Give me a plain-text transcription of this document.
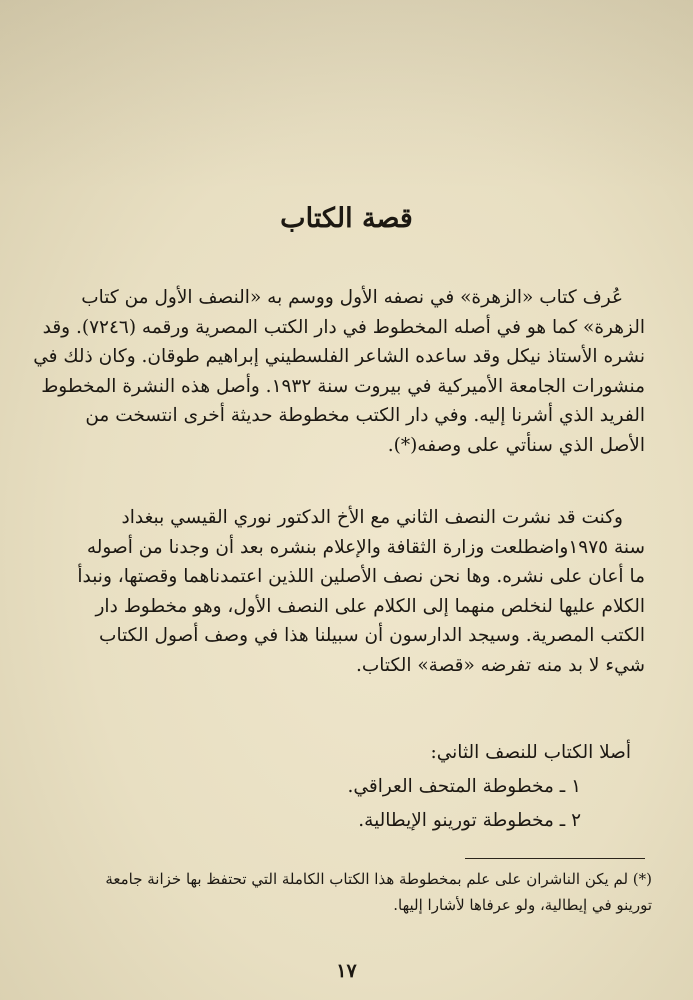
قصة الكتاب
عُرف كتاب «الزهرة» في نصفه الأول ووسم به «النصف الأول من كتاب
الزهرة» كما هو في أصله المخطوط في دار الكتب المصرية ورقمه (٧٢٤٦). وقد
نشره الأستاذ نيكل وقد ساعده الشاعر الفلسطيني إبراهيم طوقان. وكان ذلك في
منشورات الجامعة الأميركية في بيروت سنة ١٩٣٢. وأصل هذه النشرة المخطوط
الفريد الذي أشرنا إليه. وفي دار الكتب مخطوطة حديثة أخرى انتسخت من
الأصل الذي سنأتي على وصفه(*).
وكنت قد نشرت النصف الثاني مع الأخ الدكتور نوري القيسي ببغداد
سنة ١٩٧٥واضطلعت وزارة الثقافة والإعلام بنشره بعد أن وجدنا من أصوله
ما أعان على نشره. وها نحن نصف الأصلين اللذين اعتمدناهما وقصتها، ونبدأ
الكلام عليها لنخلص منهما إلى الكلام على النصف الأول، وهو مخطوط دار
الكتب المصرية. وسيجد الدارسون أن سبيلنا هذا في وصف أصول الكتاب
شيء لا بد منه تفرضه «قصة» الكتاب.
أصلا الكتاب للنصف الثاني:
١ ـ مخطوطة المتحف العراقي.
٢ ـ مخطوطة تورينو الإيطالية.
(*) لم يكن الناشران على علم بمخطوطة هذا الكتاب الكاملة التي تحتفظ بها خزانة جامعة
تورينو في إيطالية، ولو عرفاها لأشارا إليها.
١٧
